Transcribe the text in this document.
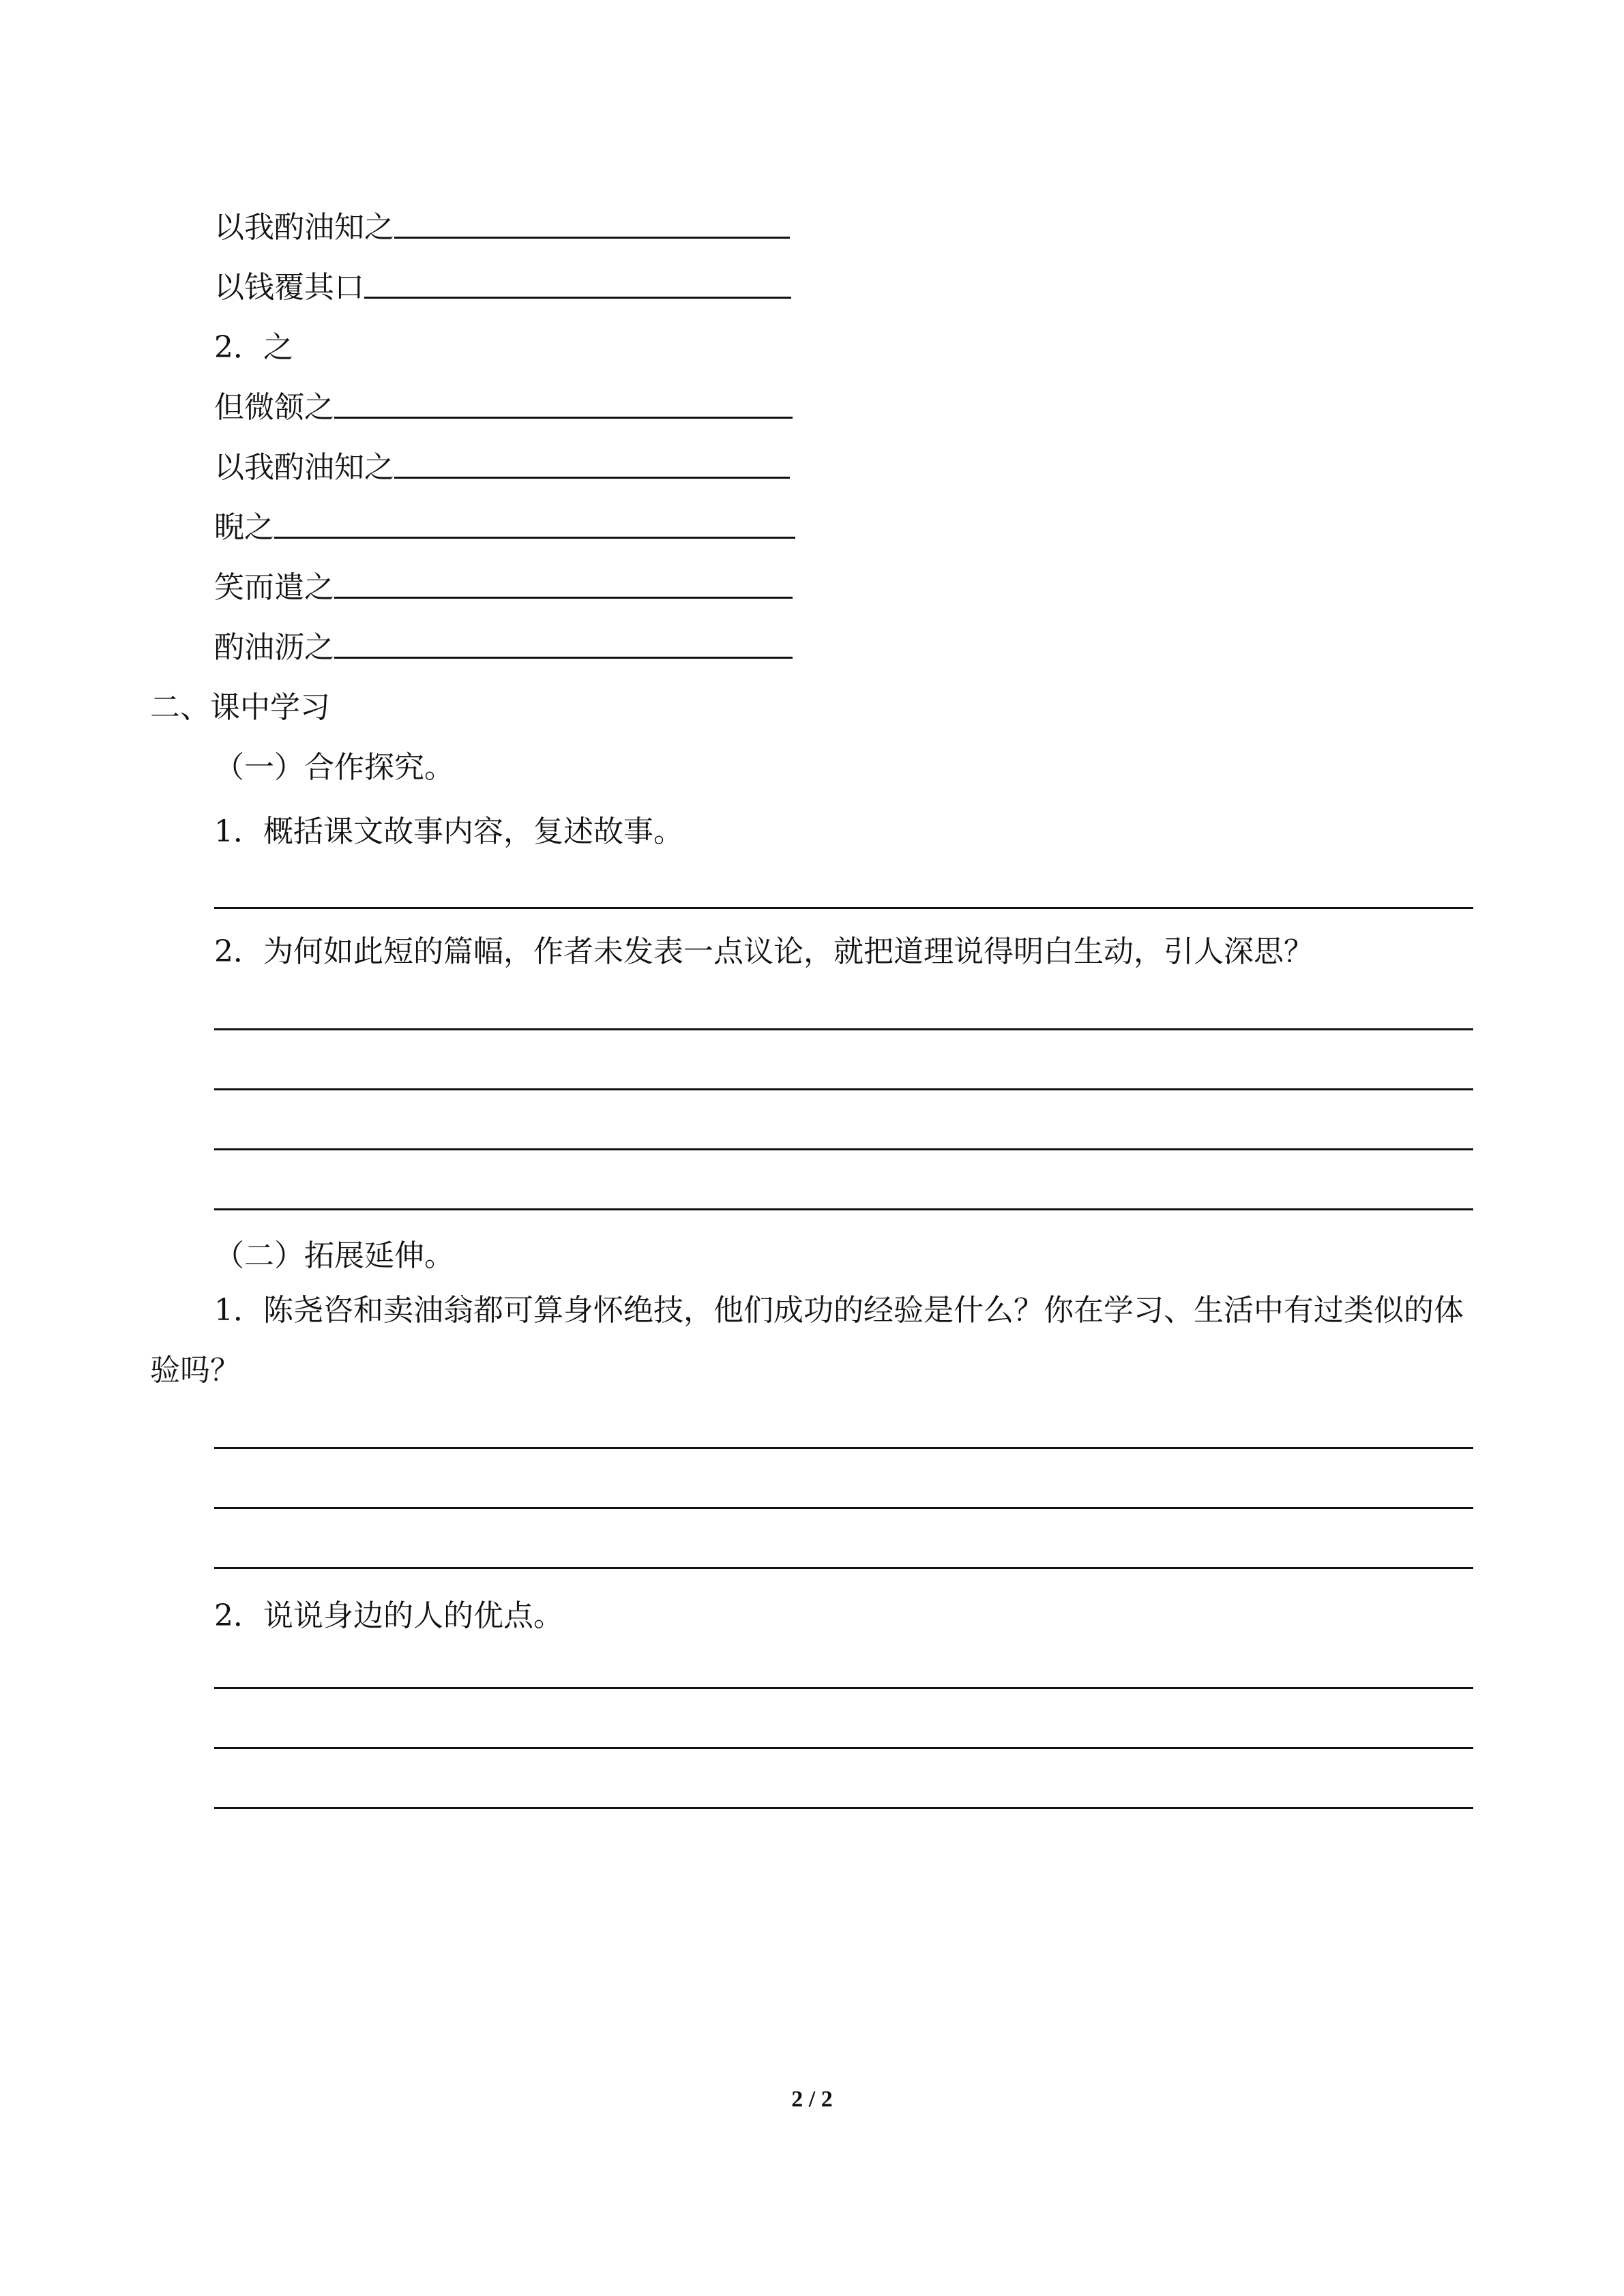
以我酌油知之
以钱覆其口
2．之
但微颔之
以我酌油知之
睨之
笑而遣之
酌油沥之
二、课中学习
（一）合作探究。
1．概括课文故事内容，复述故事。
2．为何如此短的篇幅，作者未发表一点议论，就把道理说得明白生动，引人深思？
（二）拓展延伸。
1．陈尧咨和卖油翁都可算身怀绝技，他们成功的经验是什么？你在学习、生活中有过类似的体验吗？
2．说说身边的人的优点。
2 / 2
